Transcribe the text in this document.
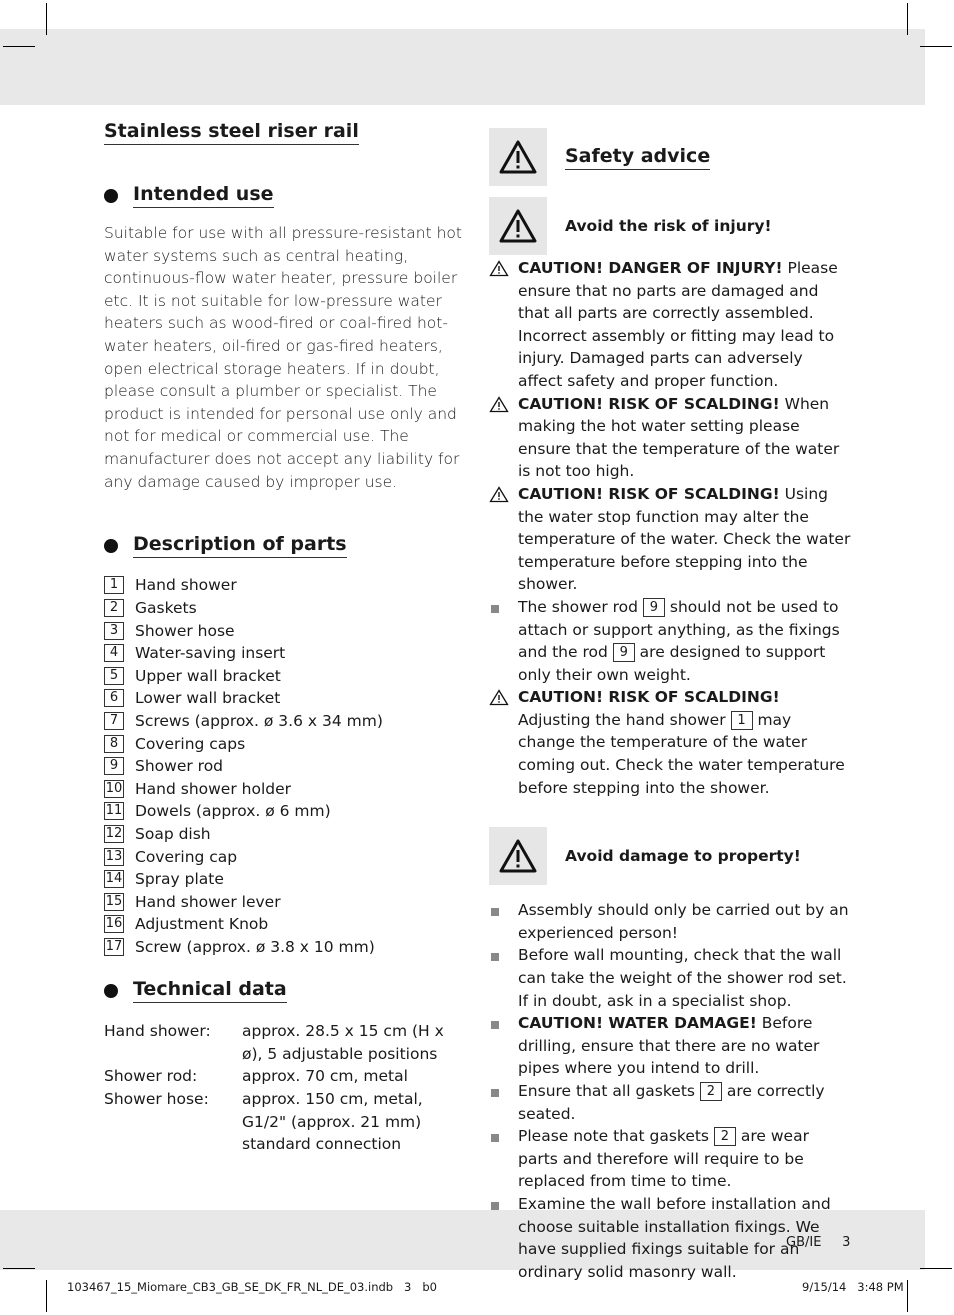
Stainless steel riser rail
Intended use
Suitable for use with all pressure-resistant hot water systems such as central heating, continuous-flow water heater, pressure boiler etc. It is not suitable for low-pressure water heaters such as wood-fired or coal-fired hot-water heaters, oil-fired or gas-fired heaters, open electrical storage heaters. If in doubt, please consult a plumber or specialist. The product is intended for personal use only and not for medical or commercial use. The manufacturer does not accept any liability for any damage caused by improper use.
Description of parts
1	Hand shower
2	Gaskets
3	Shower hose
4	Water-saving insert
5	Upper wall bracket
6	Lower wall bracket
7	Screws (approx. ø 3.6 x 34 mm)
8	Covering caps
9	Shower rod
10 Hand shower holder
11 Dowels (approx. ø 6 mm)
12 Soap dish
13 Covering cap
14 Spray plate
15 Hand shower lever
16 Adjustment Knob
17 Screw (approx. ø 3.8 x 10 mm)
Technical data
Hand shower:	approx. 28.5 x 15 cm (H x ø), 5 adjustable positions
Shower rod:	approx. 70 cm, metal
Shower hose:	approx. 150 cm, metal, G1/2" (approx. 21 mm) standard connection
Safety advice
Avoid the risk of injury!
CAUTION! DANGER OF INJURY! Please ensure that no parts are damaged and that all parts are correctly assembled. Incorrect assembly or fitting may lead to injury. Damaged parts can adversely affect safety and proper function.
CAUTION! RISK OF SCALDING! When making the hot water setting please ensure that the temperature of the water is not too high.
CAUTION! RISK OF SCALDING! Using the water stop function may alter the temperature of the water. Check the water temperature before stepping into the shower.
The shower rod 9 should not be used to attach or support anything, as the fixings and the rod 9 are designed to support only their own weight.
CAUTION! RISK OF SCALDING! Adjusting the hand shower 1 may change the temperature of the water coming out. Check the water temperature before stepping into the shower.
Avoid damage to property!
Assembly should only be carried out by an experienced person!
Before wall mounting, check that the wall can take the weight of the shower rod set. If in doubt, ask in a specialist shop.
CAUTION! WATER DAMAGE! Before drilling, ensure that there are no water pipes where you intend to drill.
Ensure that all gaskets 2 are correctly seated.
Please note that gaskets 2 are wear parts and therefore will require to be replaced from time to time.
Examine the wall before installation and choose suitable installation fixings. We have supplied fixings suitable for an ordinary solid masonry wall.
GB/IE 3
103467_15_Miomare_CB3_GB_SE_DK_FR_NL_DE_03.indb   3   b0	9/15/14   3:48 PM
